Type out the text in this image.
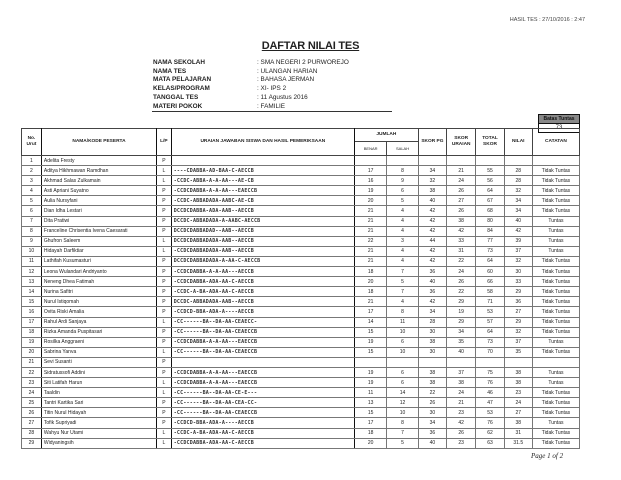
HASIL TES : 27/10/2016 : 2:47
DAFTAR NILAI TES
NAMA SEKOLAH	: SMA NEGERI 2 PURWOREJO
NAMA TES	: ULANGAN HARIAN
MATA PELAJARAN	: BAHASA JERMAN
KELAS/PROGRAM	: XI- IPS 2
TANGGAL TES	: 11 Agustus 2016
MATERI POKOK	: FAMILIE
Batas Tuntas
73
No. Urut	NAMA/KODE PESERTA	L/P	URAIAN JAWABAN SISWA DAN HASIL PEMERIKSAAN	JUMLAH		SKOR PG	SKOR URAIAN	TOTAL SKOR	NILAI	CATATAN
				BENAR	SALAH					
1	Adelita Fresty	P								
2	Aditya Hikhmawan Ramdhan	L	----CDABBA-AD-BAA-C-AECCB	17	8	34	21	55	28	Tidak Tuntas
3	Akhmad Salas Zulkamain	L	-CCDC-ABBA-A-A-AA---AE-CB	16	9	32	24	56	28	Tidak Tuntas
4	Asti Apriani Suyatno	P	-CCDCDABBA-A-A-AA---EAECCB	19	6	38	26	64	32	Tidak Tuntas
5	Aulia Nursyfani	P	-CCDC-ABBADADA-AABC-AE-CB	20	5	40	27	67	34	Tidak Tuntas
6	Dian Idha Lestari	P	DCCDCDABBA-ADA-AAB--AECCB	21	4	42	26	68	34	Tidak Tuntas
7	Dita Pratiwi	P	DCCDC-ABBADADA-A-AABC-AECCB	21	4	42	38	80	40	Tuntas
8	Franceline Chrisentia Ivena Caesarati	P	DCCDCDABBADAD--AAB--AECCB	21	4	42	42	84	42	Tuntas
9	Ghufron Saleem	L	DCCDCDABBADADA-AAB--AECCB	22	3	44	33	77	39	Tuntas
10	Hidayah Darfiktiar	L	-CCDCDABBADADA-AAB--AECCB	21	4	42	31	73	37	Tuntas
11	Lathifah Kusumasturi	P	DCCDCDABBADADA-A-AA-C-AECCB	21	4	42	22	64	32	Tidak Tuntas
12	Leona Wulandari Andriyanto	P	-CCDCDABBA-A-A-AA---AECCB	18	7	36	24	60	30	Tidak Tuntas
13	Neneng Dhea Fatimah	P	-CCDCDABBA-ADA-AA-C-AECCB	20	5	40	26	66	33	Tidak Tuntas
14	Nurina Safitri	P	-CCDC-A-BA-ADA-AA-C-AECCB	18	7	36	22	58	29	Tidak Tuntas
15	Nurul Istiqomah	P	DCCDC-ABBADADA-AAB--AECCB	21	4	42	29	71	36	Tidak Tuntas
16	Ovita Riski Amalia	P	-CCDCD-BBA-ADA-A----AECCB	17	8	34	19	53	27	Tidak Tuntas
17	Rahul Ardi Sanjaya	L	-CC------BA--DA-AA-CEAECC-	14	11	28	29	57	29	Tidak Tuntas
18	Rizka Amanda Puspitasari	P	-CC------BA--DA-AA-CEAECCB	15	10	30	34	64	32	Tidak Tuntas
19	Rosilka Anggraeni	P	-CCDCDABBA-A-A-AA---EAECCB	19	6	38	35	73	37	Tuntas
20	Sabrina Yanva	L	-CC------BA--DA-AA-CEAECCB	15	10	30	40	70	35	Tidak Tuntas
21	Sevi Susanti	P								
22	Sidratussofi Addini	P	-CCDCDABBA-A-A-AA---EAECCB	19	6	38	37	75	38	Tuntas
23	Siti Latifah Harun	L	-CCDCDABBA-A-A-AA---EAECCB	19	6	38	38	76	38	Tuntas
24	Taaldin	L	-CC------BA--DA-AA-CE-E---	11	14	22	24	46	23	Tidak Tuntas
25	Tantri Kartika Sari	P	-CC------BA--DA-AA-CEA-CC-	13	12	26	21	47	24	Tidak Tuntas
26	Titin Nurul Hidayah	P	-CC------BA--DA-AA-CEAECCB	15	10	30	23	53	27	Tidak Tuntas
27	Tofik Supriyadi	P	-CCDCD-BBA-ADA-A----AECCB	17	8	34	42	76	38	Tuntas
28	Wahyu Nur Utami	L	-CCDC-A-BA-ADA-AA-C-AECCB	18	7	36	26	62	31	Tidak Tuntas
29	Widyaningsih	L	-CCDCDABBA-ADA-AA-C-AECCB	20	5	40	23	63	31.5	Tidak Tuntas
Page 1 of 2
